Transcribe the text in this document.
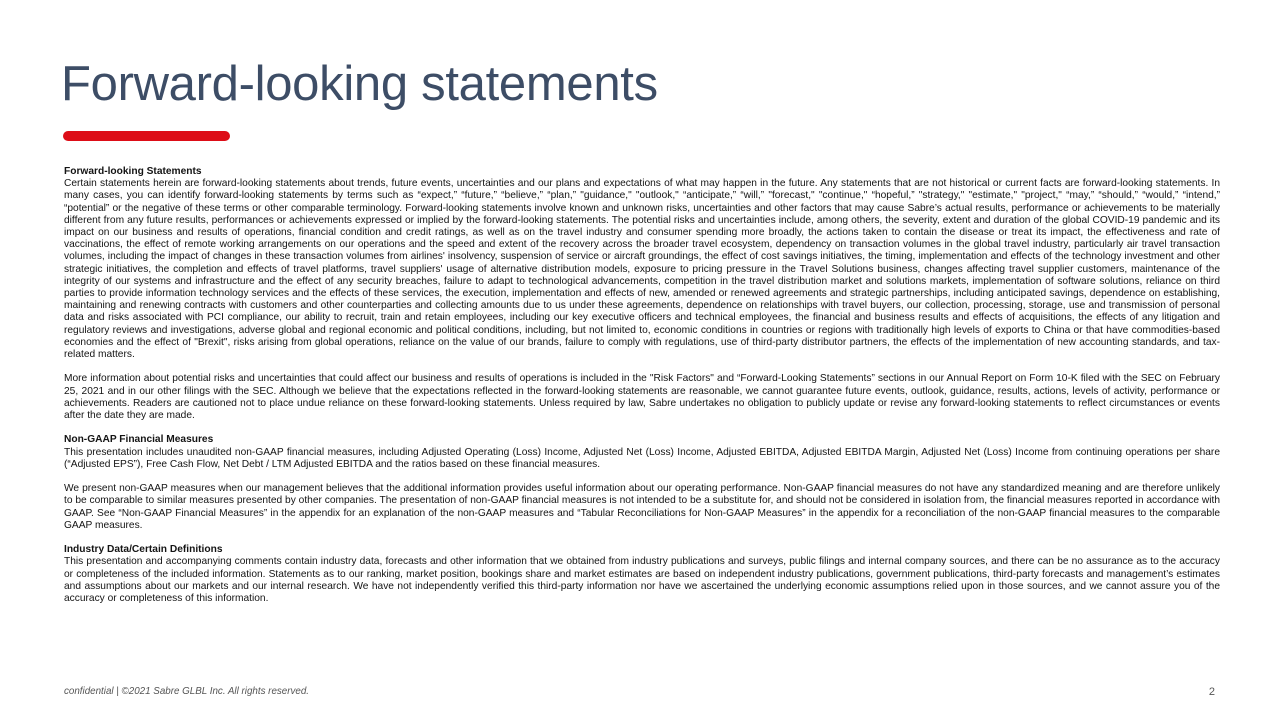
Forward-looking statements
Forward-looking Statements
Certain statements herein are forward-looking statements about trends, future events, uncertainties and our plans and expectations of what may happen in the future. Any statements that are not historical or current facts are forward-looking statements. In many cases, you can identify forward-looking statements by terms such as “expect,” “future,” “believe,” “plan,” "guidance," "outlook," “anticipate,” “will,” "forecast," "continue," “hopeful,” "strategy," "estimate," "project," “may,” “should,” “would,” “intend,” “potential” or the negative of these terms or other comparable terminology. Forward-looking statements involve known and unknown risks, uncertainties and other factors that may cause Sabre’s actual results, performance or achievements to be materially different from any future results, performances or achievements expressed or implied by the forward-looking statements. The potential risks and uncertainties include, among others, the severity, extent and duration of the global COVID-19 pandemic and its impact on our business and results of operations, financial condition and credit ratings, as well as on the travel industry and consumer spending more broadly, the actions taken to contain the disease or treat its impact, the effectiveness and rate of vaccinations, the effect of remote working arrangements on our operations and the speed and extent of the recovery across the broader travel ecosystem, dependency on transaction volumes in the global travel industry, particularly air travel transaction volumes, including the impact of changes in these transaction volumes from airlines' insolvency, suspension of service or aircraft groundings, the effect of cost savings initiatives, the timing, implementation and effects of the technology investment and other strategic initiatives, the completion and effects of travel platforms, travel suppliers' usage of alternative distribution models, exposure to pricing pressure in the Travel Solutions business, changes affecting travel supplier customers, maintenance of the integrity of our systems and infrastructure and the effect of any security breaches, failure to adapt to technological advancements, competition in the travel distribution market and solutions markets, implementation of software solutions, reliance on third parties to provide information technology services and the effects of these services, the execution, implementation and effects of new, amended or renewed agreements and strategic partnerships, including anticipated savings, dependence on establishing, maintaining and renewing contracts with customers and other counterparties and collecting amounts due to us under these agreements, dependence on relationships with travel buyers, our collection, processing, storage, use and transmission of personal data and risks associated with PCI compliance, our ability to recruit, train and retain employees, including our key executive officers and technical employees, the financial and business results and effects of acquisitions, the effects of any litigation and regulatory reviews and investigations, adverse global and regional economic and political conditions, including, but not limited to, economic conditions in countries or regions with traditionally high levels of exports to China or that have commodities-based economies and the effect of "Brexit", risks arising from global operations, reliance on the value of our brands, failure to comply with regulations, use of third-party distributor partners, the effects of the implementation of new accounting standards, and tax-related matters.
More information about potential risks and uncertainties that could affect our business and results of operations is included in the "Risk Factors" and “Forward-Looking Statements” sections in our Annual Report on Form 10-K filed with the SEC on February 25, 2021 and in our other filings with the SEC. Although we believe that the expectations reflected in the forward-looking statements are reasonable, we cannot guarantee future events, outlook, guidance, results, actions, levels of activity, performance or achievements. Readers are cautioned not to place undue reliance on these forward-looking statements. Unless required by law, Sabre undertakes no obligation to publicly update or revise any forward-looking statements to reflect circumstances or events after the date they are made.
Non-GAAP Financial Measures
This presentation includes unaudited non-GAAP financial measures, including Adjusted Operating (Loss) Income, Adjusted Net (Loss) Income, Adjusted EBITDA, Adjusted EBITDA Margin, Adjusted Net (Loss) Income from continuing operations per share (“Adjusted EPS”), Free Cash Flow, Net Debt / LTM Adjusted EBITDA and the ratios based on these financial measures.
We present non-GAAP measures when our management believes that the additional information provides useful information about our operating performance. Non-GAAP financial measures do not have any standardized meaning and are therefore unlikely to be comparable to similar measures presented by other companies. The presentation of non-GAAP financial measures is not intended to be a substitute for, and should not be considered in isolation from, the financial measures reported in accordance with GAAP. See “Non-GAAP Financial Measures” in the appendix for an explanation of the non-GAAP measures and “Tabular Reconciliations for Non-GAAP Measures” in the appendix for a reconciliation of the non-GAAP financial measures to the comparable GAAP measures.
Industry Data/Certain Definitions
This presentation and accompanying comments contain industry data, forecasts and other information that we obtained from industry publications and surveys, public filings and internal company sources, and there can be no assurance as to the accuracy or completeness of the included information. Statements as to our ranking, market position, bookings share and market estimates are based on independent industry publications, government publications, third-party forecasts and management’s estimates and assumptions about our markets and our internal research. We have not independently verified this third-party information nor have we ascertained the underlying economic assumptions relied upon in those sources, and we cannot assure you of the accuracy or completeness of this information.
confidential | ©2021 Sabre GLBL Inc. All rights reserved.	2
